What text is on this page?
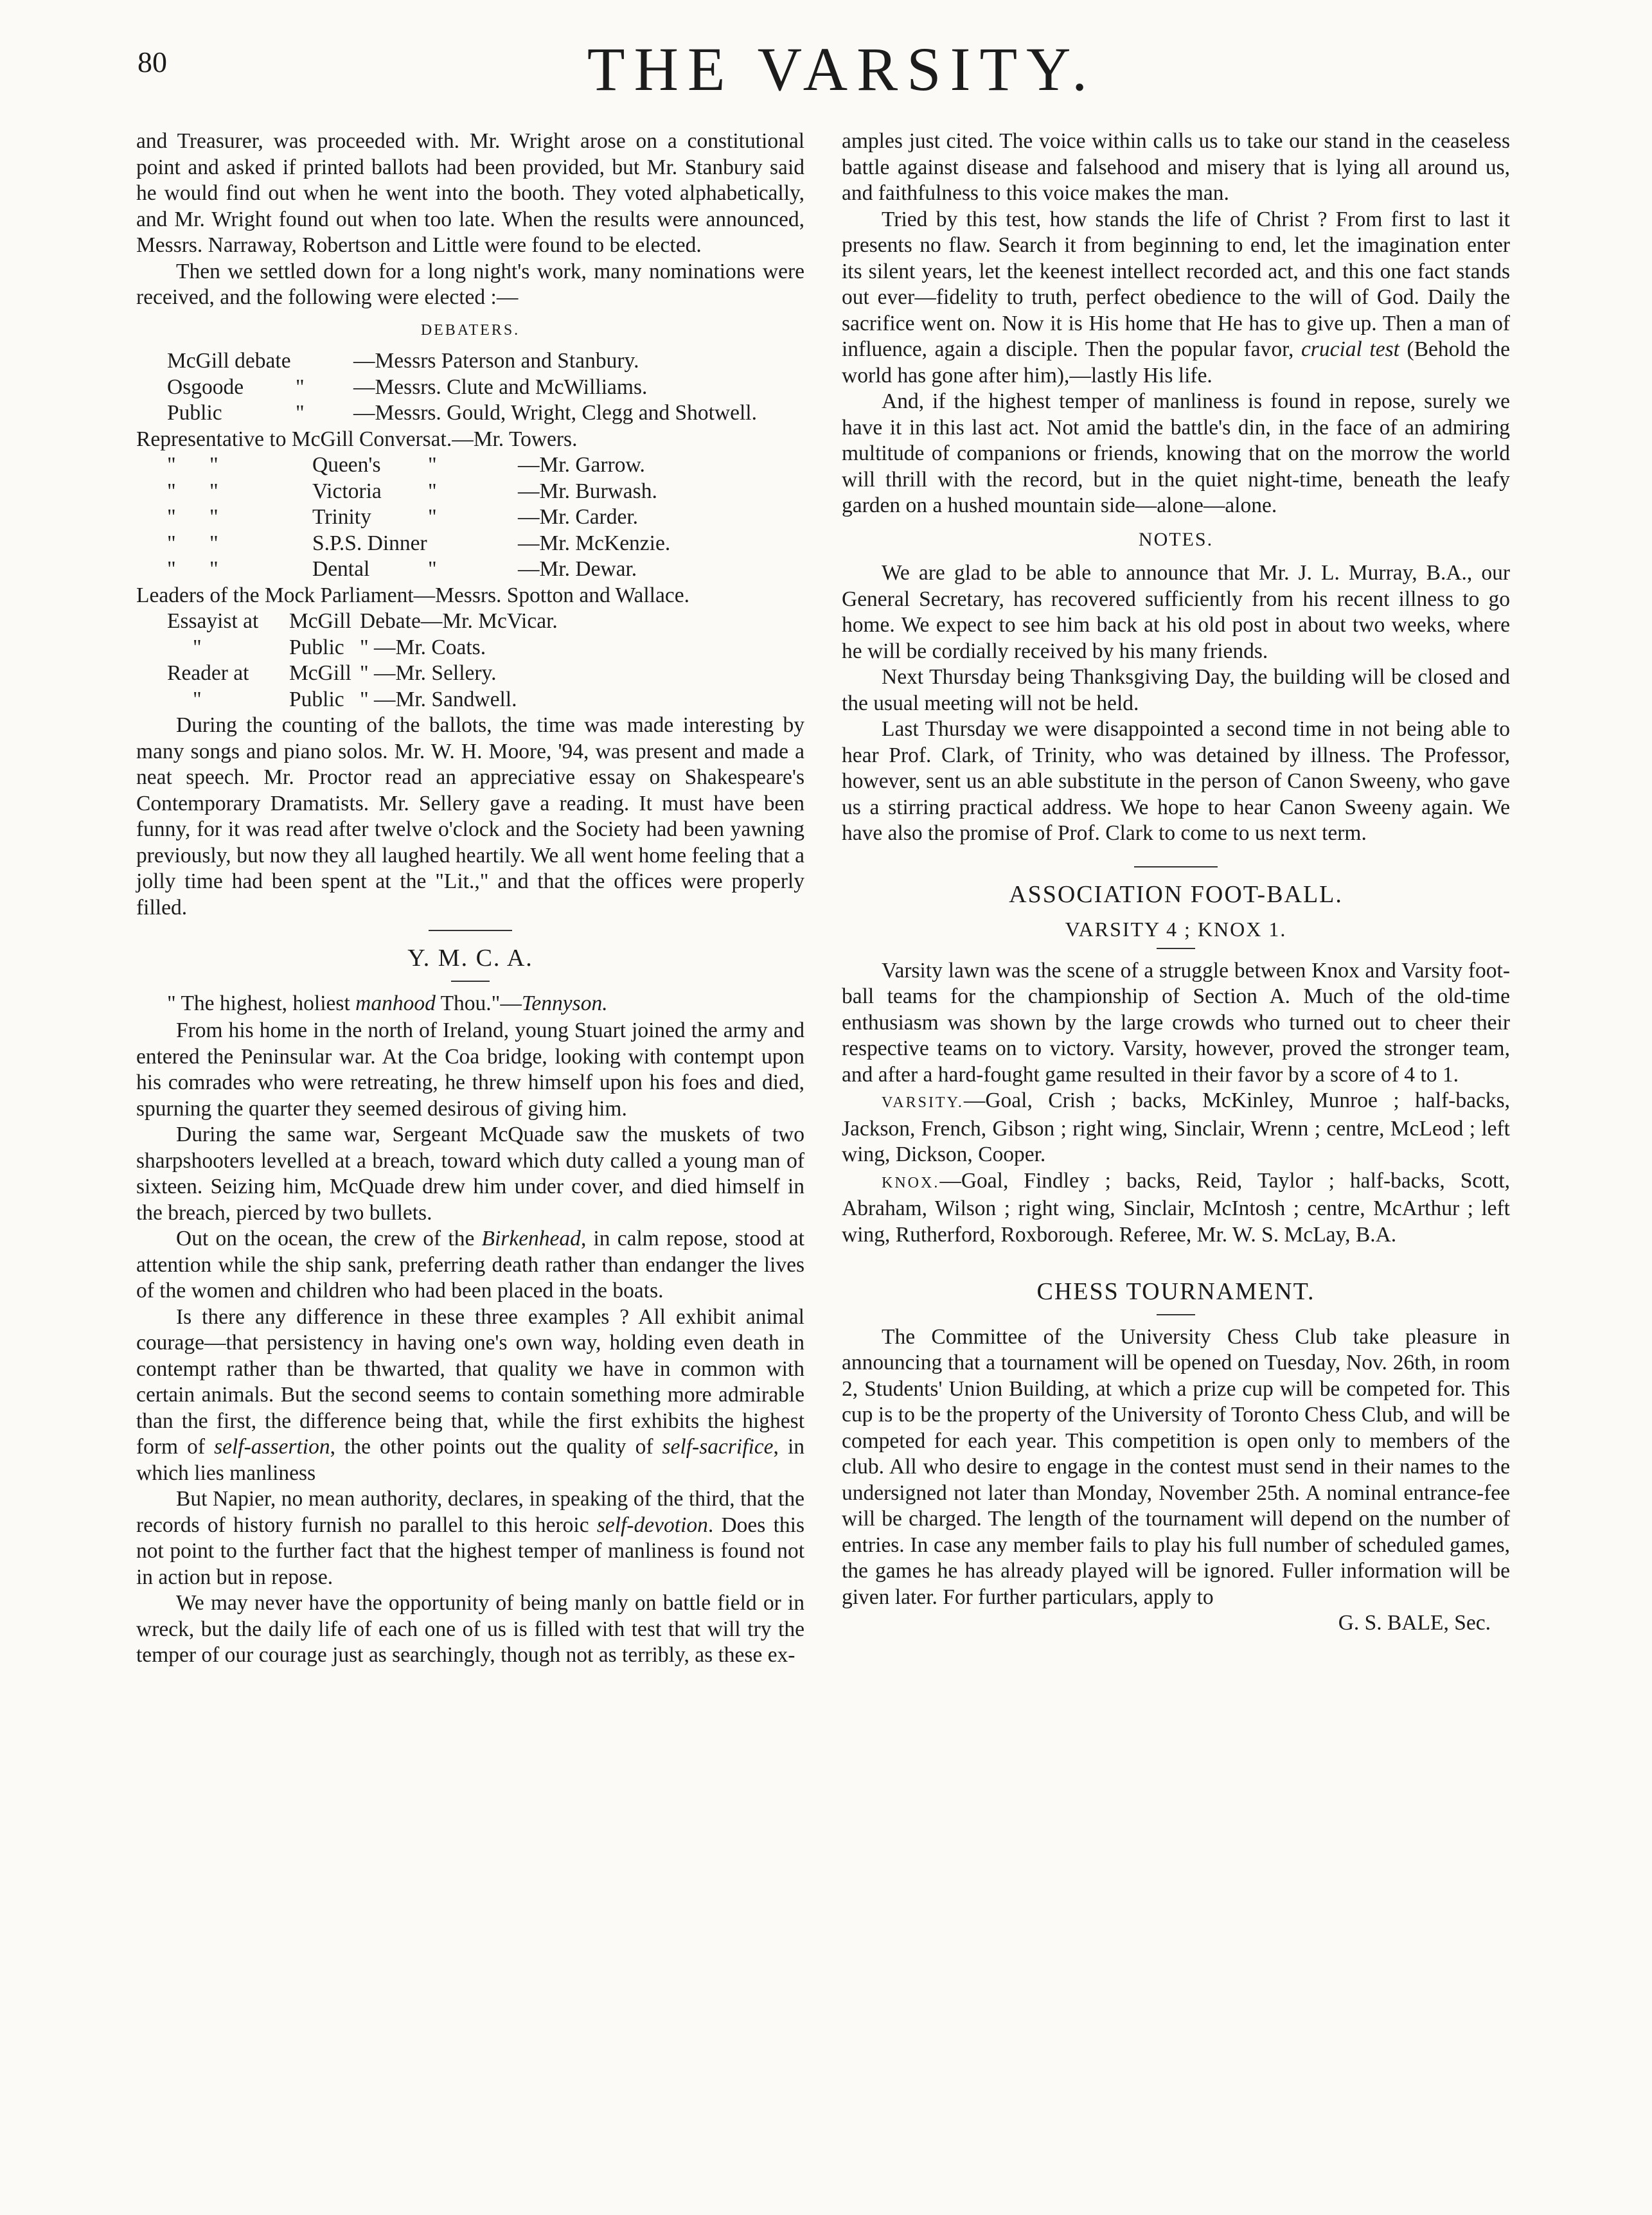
80	THE VARSITY.

and Treasurer, was proceeded with. Mr. Wright arose on a constitutional point and asked if printed ballots had been provided, but Mr. Stanbury said he would find out when he went into the booth. They voted alphabetically, and Mr. Wright found out when too late. When the results were announced, Messrs. Narraway, Robertson and Little were found to be elected.

Then we settled down for a long night's work, many nominations were received, and the following were elected :—

DEBATERS.
McGill debate	—Messrs Paterson and Stanbury.
Osgoode	"	—Messrs. Clute and McWilliams.
Public	"	—Messrs. Gould, Wright, Clegg and Shotwell.
Representative to McGill Conversat.—Mr. Towers.
"	"	Queen's	"	—Mr. Garrow.
"	"	Victoria	"	—Mr. Burwash.
"	"	Trinity	"	—Mr. Carder.
"	"	S.P.S. Dinner	—Mr. McKenzie.
"	"	Dental	"	—Mr. Dewar.
Leaders of the Mock Parliament—Messrs. Spotton and Wallace.
Essayist at	McGill Debate—Mr. McVicar.
"	Public " —Mr. Coats.
Reader at	McGill " —Mr. Sellery.
"	Public " —Mr. Sandwell.

During the counting of the ballots, the time was made interesting by many songs and piano solos. Mr. W. H. Moore, '94, was present and made a neat speech. Mr. Proctor read an appreciative essay on Shakespeare's Contemporary Dramatists. Mr. Sellery gave a reading. It must have been funny, for it was read after twelve o'clock and the Society had been yawning previously, but now they all laughed heartily. We all went home feeling that a jolly time had been spent at the "Lit.," and that the offices were properly filled.

Y. M. C. A.

" The highest, holiest manhood Thou."—Tennyson.

From his home in the north of Ireland, young Stuart joined the army and entered the Peninsular war. At the Coa bridge, looking with contempt upon his comrades who were retreating, he threw himself upon his foes and died, spurning the quarter they seemed desirous of giving him.

During the same war, Sergeant McQuade saw the muskets of two sharpshooters levelled at a breach, toward which duty called a young man of sixteen. Seizing him, McQuade drew him under cover, and died himself in the breach, pierced by two bullets.

Out on the ocean, the crew of the Birkenhead, in calm repose, stood at attention while the ship sank, preferring death rather than endanger the lives of the women and children who had been placed in the boats.

Is there any difference in these three examples ? All exhibit animal courage—that persistency in having one's own way, holding even death in contempt rather than be thwarted, that quality we have in common with certain animals. But the second seems to contain something more admirable than the first, the difference being that, while the first exhibits the highest form of self-assertion, the other points out the quality of self-sacrifice, in which lies manliness

But Napier, no mean authority, declares, in speaking of the third, that the records of history furnish no parallel to this heroic self-devotion. Does this not point to the further fact that the highest temper of manliness is found not in action but in repose.

We may never have the opportunity of being manly on battle field or in wreck, but the daily life of each one of us is filled with test that will try the temper of our courage just as searchingly, though not as terribly, as these ex-

amples just cited. The voice within calls us to take our stand in the ceaseless battle against disease and falsehood and misery that is lying all around us, and faithfulness to this voice makes the man.

Tried by this test, how stands the life of Christ ? From first to last it presents no flaw. Search it from beginning to end, let the imagination enter its silent years, let the keenest intellect recorded act, and this one fact stands out ever—fidelity to truth, perfect obedience to the will of God. Daily the sacrifice went on. Now it is His home that He has to give up. Then a man of influence, again a disciple. Then the popular favor, crucial test (Behold the world has gone after him),—lastly His life.

And, if the highest temper of manliness is found in repose, surely we have it in this last act. Not amid the battle's din, in the face of an admiring multitude of companions or friends, knowing that on the morrow the world will thrill with the record, but in the quiet night-time, beneath the leafy garden on a hushed mountain side—alone—alone.

NOTES.

We are glad to be able to announce that Mr. J. L. Murray, B.A., our General Secretary, has recovered sufficiently from his recent illness to go home. We expect to see him back at his old post in about two weeks, where he will be cordially received by his many friends.

Next Thursday being Thanksgiving Day, the building will be closed and the usual meeting will not be held.

Last Thursday we were disappointed a second time in not being able to hear Prof. Clark, of Trinity, who was detained by illness. The Professor, however, sent us an able substitute in the person of Canon Sweeny, who gave us a stirring practical address. We hope to hear Canon Sweeny again. We have also the promise of Prof. Clark to come to us next term.

ASSOCIATION FOOT-BALL.
VARSITY 4 ; KNOX 1.

Varsity lawn was the scene of a struggle between Knox and Varsity foot-ball teams for the championship of Section A. Much of the old-time enthusiasm was shown by the large crowds who turned out to cheer their respective teams on to victory. Varsity, however, proved the stronger team, and after a hard-fought game resulted in their favor by a score of 4 to 1.

VARSITY.—Goal, Crish ; backs, McKinley, Munroe ; half-backs, Jackson, French, Gibson ; right wing, Sinclair, Wrenn ; centre, McLeod ; left wing, Dickson, Cooper.

KNOX.—Goal, Findley ; backs, Reid, Taylor ; half-backs, Scott, Abraham, Wilson ; right wing, Sinclair, McIntosh ; centre, McArthur ; left wing, Rutherford, Roxborough. Referee, Mr. W. S. McLay, B.A.

CHESS TOURNAMENT.

The Committee of the University Chess Club take pleasure in announcing that a tournament will be opened on Tuesday, Nov. 26th, in room 2, Students' Union Building, at which a prize cup will be competed for. This cup is to be the property of the University of Toronto Chess Club, and will be competed for each year. This competition is open only to members of the club. All who desire to engage in the contest must send in their names to the undersigned not later than Monday, November 25th. A nominal entrance-fee will be charged. The length of the tournament will depend on the number of entries. In case any member fails to play his full number of scheduled games, the games he has already played will be ignored. Fuller information will be given later. For further particulars, apply to

G. S. BALE, Sec.
